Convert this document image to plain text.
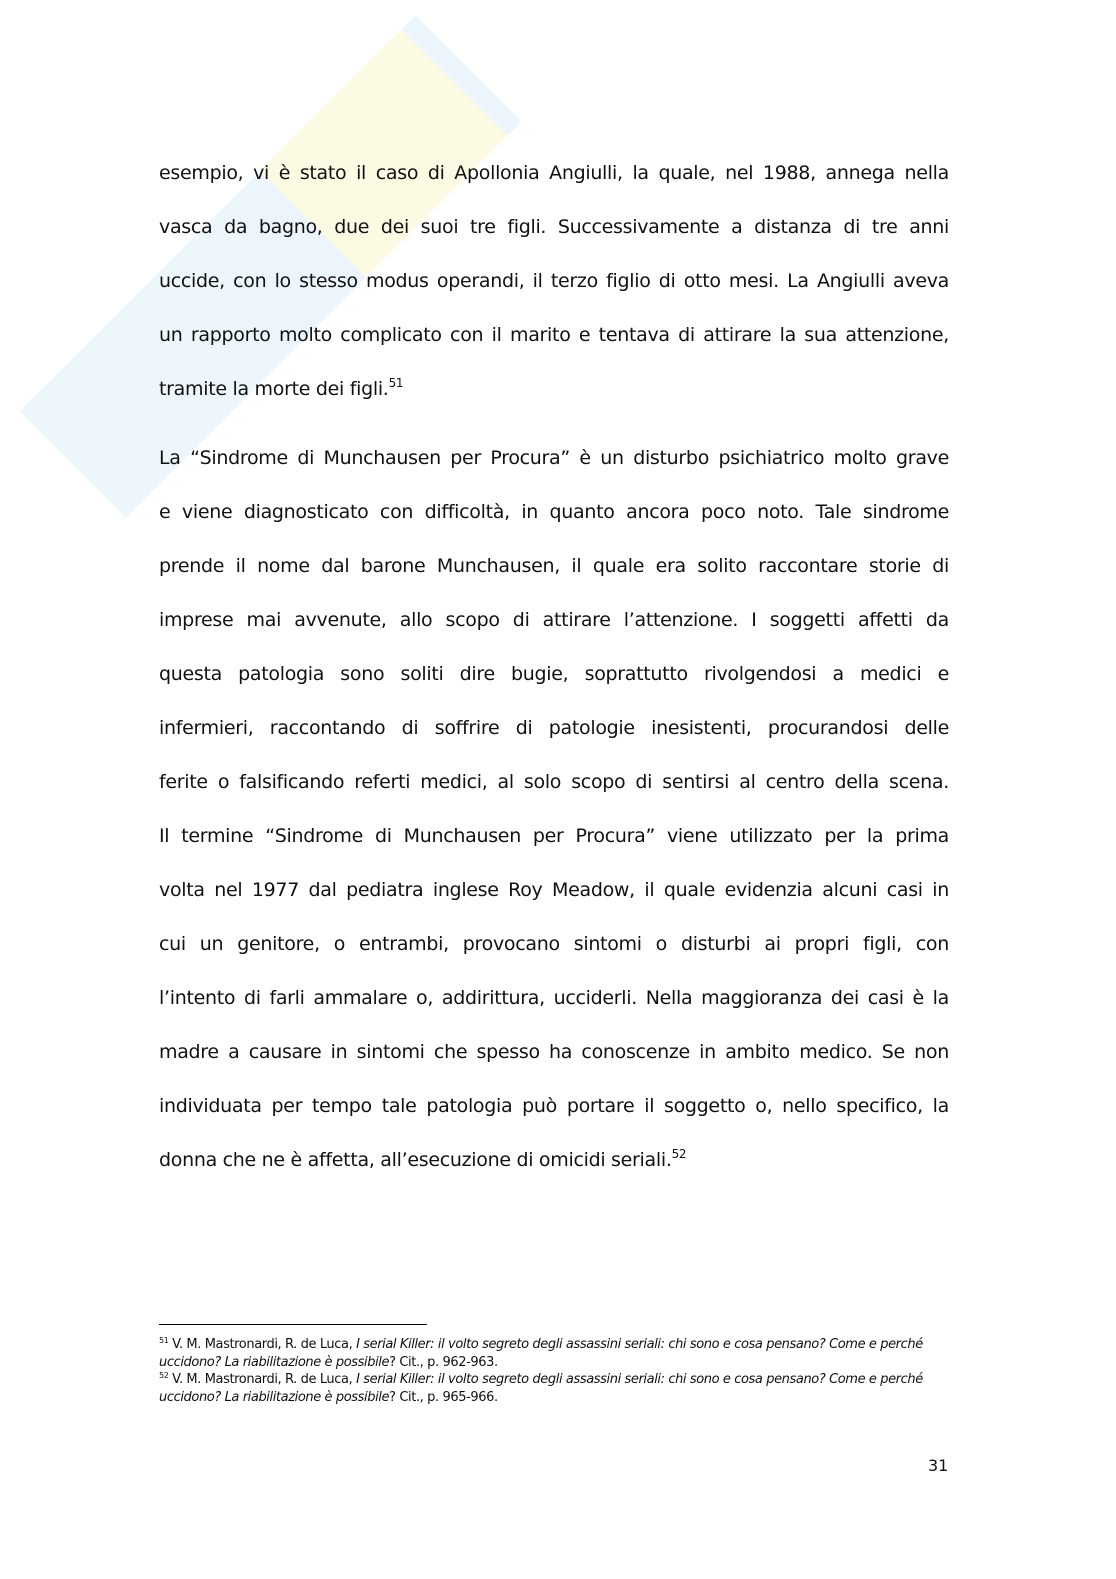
esempio, vi è stato il caso di Apollonia Angiulli, la quale, nel 1988, annega nella
vasca da bagno, due dei suoi tre figli. Successivamente a distanza di tre anni
uccide, con lo stesso modus operandi, il terzo figlio di otto mesi. La Angiulli aveva
un rapporto molto complicato con il marito e tentava di attirare la sua attenzione,
tramite la morte dei figli.$^{51}$
La “Sindrome di Munchausen per Procura” è un disturbo psichiatrico molto grave
e viene diagnosticato con difficoltà, in quanto ancora poco noto. Tale sindrome
prende il nome dal barone Munchausen, il quale era solito raccontare storie di
imprese mai avvenute, allo scopo di attirare l’attenzione. I soggetti affetti da
questa patologia sono soliti dire bugie, soprattutto rivolgendosi a medici e
infermieri, raccontando di soffrire di patologie inesistenti, procurandosi delle
ferite o falsificando referti medici, al solo scopo di sentirsi al centro della scena.
Il termine “Sindrome di Munchausen per Procura” viene utilizzato per la prima
volta nel 1977 dal pediatra inglese Roy Meadow, il quale evidenzia alcuni casi in
cui un genitore, o entrambi, provocano sintomi o disturbi ai propri figli, con
l’intento di farli ammalare o, addirittura, ucciderli. Nella maggioranza dei casi è la
madre a causare in sintomi che spesso ha conoscenze in ambito medico. Se non
individuata per tempo tale patologia può portare il soggetto o, nello specifico, la
donna che ne è affetta, all’esecuzione di omicidi seriali.$^{52}$
$^{51}$ V. M. Mastronardi, R. de Luca, I serial Killer: il volto segreto degli assassini seriali: chi sono e cosa pensano? Come e perché uccidono? La riabilitazione è possibile? Cit., p. 962-963.
$^{52}$ V. M. Mastronardi, R. de Luca, I serial Killer: il volto segreto degli assassini seriali: chi sono e cosa pensano? Come e perché uccidono? La riabilitazione è possibile? Cit., p. 965-966.
31
